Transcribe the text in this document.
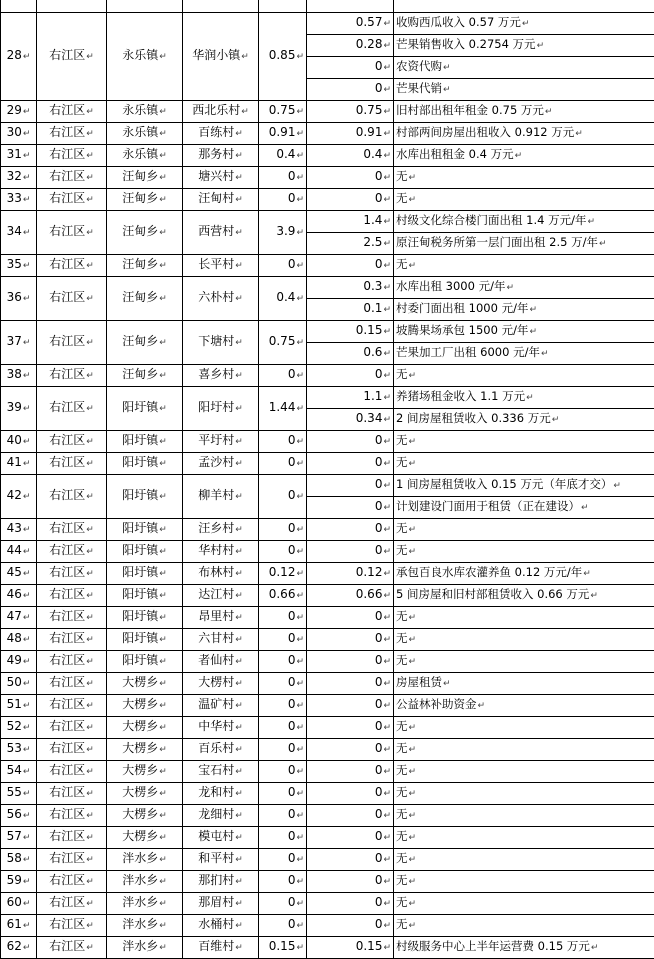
28↵	右江区↵	永乐镇↵	华润小镇↵	0.85↵	0.57↵	收购西瓜收入 0.57 万元↵
					0.28↵	芒果销售收入 0.2754 万元↵
					0↵	农资代购↵
					0↵	芒果代销↵
29↵	右江区↵	永乐镇↵	西北乐村↵	0.75↵	0.75↵	旧村部出租年租金 0.75 万元↵
30↵	右江区↵	永乐镇↵	百练村↵	0.91↵	0.91↵	村部两间房屋出租收入 0.912 万元↵
31↵	右江区↵	永乐镇↵	那务村↵	0.4↵	0.4↵	水库出租租金 0.4 万元↵
32↵	右江区↵	汪甸乡↵	塘兴村↵	0↵	0↵	无↵
33↵	右江区↵	汪甸乡↵	汪甸村↵	0↵	0↵	无↵
34↵	右江区↵	汪甸乡↵	西营村↵	3.9↵	1.4↵	村级文化综合楼门面出租 1.4 万元/年↵
					2.5↵	原汪甸税务所第一层门面出租 2.5 万/年↵
35↵	右江区↵	汪甸乡↵	长平村↵	0↵	0↵	无↵
36↵	右江区↵	汪甸乡↵	六朴村↵	0.4↵	0.3↵	水库出租 3000 元/年↵
					0.1↵	村委门面出租 1000 元/年↵
37↵	右江区↵	汪甸乡↵	下塘村↵	0.75↵	0.15↵	坡腾果场承包 1500 元/年↵
					0.6↵	芒果加工厂出租 6000 元/年↵
38↵	右江区↵	汪甸乡↵	喜乡村↵	0↵	0↵	无↵
39↵	右江区↵	阳圩镇↵	阳圩村↵	1.44↵	1.1↵	养猪场租金收入 1.1 万元↵
					0.34↵	2 间房屋租赁收入 0.336 万元↵
40↵	右江区↵	阳圩镇↵	平圩村↵	0↵	0↵	无↵
41↵	右江区↵	阳圩镇↵	孟沙村↵	0↵	0↵	无↵
42↵	右江区↵	阳圩镇↵	柳羊村↵	0↵	0↵	1 间房屋租赁收入 0.15 万元（年底才交）↵
					0↵	计划建设门面用于租赁（正在建设）↵
43↵	右江区↵	阳圩镇↵	汪乡村↵	0↵	0↵	无↵
44↵	右江区↵	阳圩镇↵	华村村↵	0↵	0↵	无↵
45↵	右江区↵	阳圩镇↵	布林村↵	0.12↵	0.12↵	承包百良水库农灌养鱼 0.12 万元/年↵
46↵	右江区↵	阳圩镇↵	达江村↵	0.66↵	0.66↵	5 间房屋和旧村部租赁收入 0.66 万元↵
47↵	右江区↵	阳圩镇↵	昂里村↵	0↵	0↵	无↵
48↵	右江区↵	阳圩镇↵	六甘村↵	0↵	0↵	无↵
49↵	右江区↵	阳圩镇↵	者仙村↵	0↵	0↵	无↵
50↵	右江区↵	大楞乡↵	大楞村↵	0↵	0↵	房屋租赁↵
51↵	右江区↵	大楞乡↵	温矿村↵	0↵	0↵	公益林补助资金↵
52↵	右江区↵	大楞乡↵	中华村↵	0↵	0↵	无↵
53↵	右江区↵	大楞乡↵	百乐村↵	0↵	0↵	无↵
54↵	右江区↵	大楞乡↵	宝石村↵	0↵	0↵	无↵
55↵	右江区↵	大楞乡↵	龙和村↵	0↵	0↵	无↵
56↵	右江区↵	大楞乡↵	龙细村↵	0↵	0↵	无↵
57↵	右江区↵	大楞乡↵	模屯村↵	0↵	0↵	无↵
58↵	右江区↵	泮水乡↵	和平村↵	0↵	0↵	无↵
59↵	右江区↵	泮水乡↵	那扪村↵	0↵	0↵	无↵
60↵	右江区↵	泮水乡↵	那眉村↵	0↵	0↵	无↵
61↵	右江区↵	泮水乡↵	水桶村↵	0↵	0↵	无↵
62↵	右江区↵	泮水乡↵	百维村↵	0.15↵	0.15↵	村级服务中心上半年运营费 0.15 万元↵
